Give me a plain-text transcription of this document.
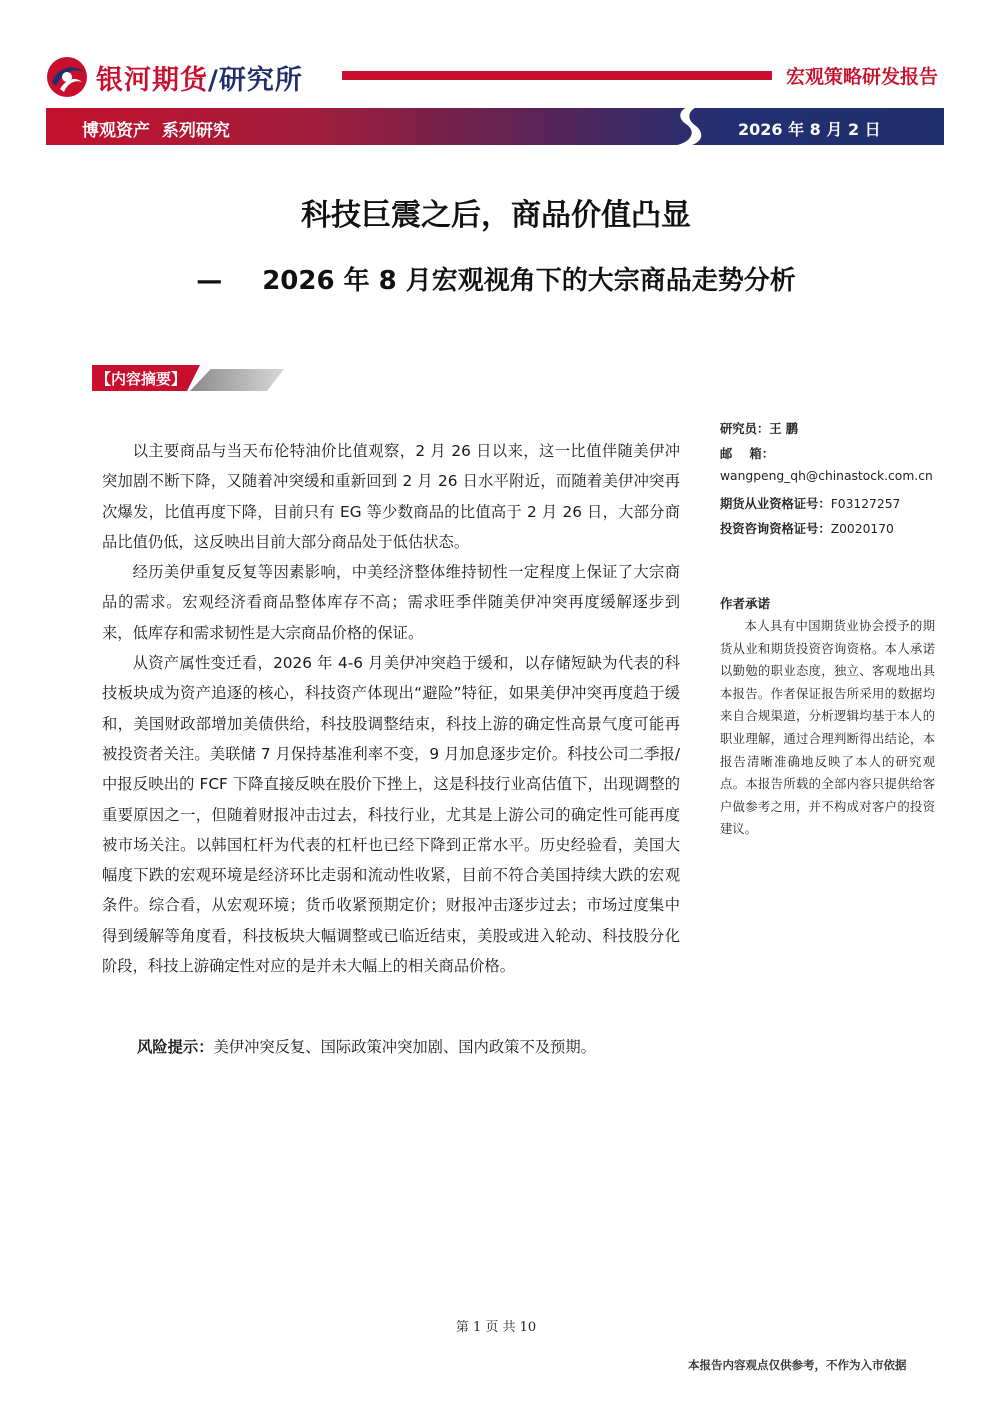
银河期货/研究所	宏观策略研发报告
博观资产  系列研究	2026 年 8 月 2 日
科技巨震之后，商品价值凸显
— 2026 年 8 月宏观视角下的大宗商品走势分析
【内容摘要】

以主要商品与当天布伦特油价比值观察，2 月 26 日以来，这一比值伴随美伊冲突加剧不断下降，又随着冲突缓和重新回到 2 月 26 日水平附近，而随着美伊冲突再次爆发，比值再度下降，目前只有 EG 等少数商品的比值高于 2 月 26 日，大部分商品比值仍低，这反映出目前大部分商品处于低估状态。

经历美伊重复反复等因素影响，中美经济整体维持韧性一定程度上保证了大宗商品的需求。宏观经济看商品整体库存不高；需求旺季伴随美伊冲突再度缓解逐步到来，低库存和需求韧性是大宗商品价格的保证。

从资产属性变迁看，2026 年 4-6 月美伊冲突趋于缓和，以存储短缺为代表的科技板块成为资产追逐的核心，科技资产体现出“避险”特征，如果美伊冲突再度趋于缓和，美国财政部增加美债供给，科技股调整结束，科技上游的确定性高景气度可能再被投资者关注。美联储 7 月保持基准利率不变，9 月加息逐步定价。科技公司二季报/中报反映出的 FCF 下降直接反映在股价下挫上，这是科技行业高估值下，出现调整的重要原因之一，但随着财报冲击过去，科技行业，尤其是上游公司的确定性可能再度被市场关注。以韩国杠杆为代表的杠杆也已经下降到正常水平。历史经验看，美国大幅度下跌的宏观环境是经济环比走弱和流动性收紧，目前不符合美国持续大跌的宏观条件。综合看，从宏观环境；货币收紧预期定价；财报冲击逐步过去；市场过度集中得到缓解等角度看，科技板块大幅调整或已临近结束，美股或进入轮动、科技股分化阶段，科技上游确定性对应的是并未大幅上的相关商品价格。

风险提示：美伊冲突反复、国际政策冲突加剧、国内政策不及预期。
研究员：王 鹏
邮    箱：
wangpeng_qh@chinastock.com.cn
期货从业资格证号：F03127257
投资咨询资格证号：Z0020170
作者承诺
本人具有中国期货业协会授予的期货从业和期货投资咨询资格。本人承诺以勤勉的职业态度，独立、客观地出具本报告。作者保证报告所采用的数据均来自合规渠道，分析逻辑均基于本人的职业理解，通过合理判断得出结论，本报告清晰准确地反映了本人的研究观点。本报告所载的全部内容只提供给客户做参考之用，并不构成对客户的投资建议。
第 1 页 共 10
本报告内容观点仅供参考，不作为入市依据
